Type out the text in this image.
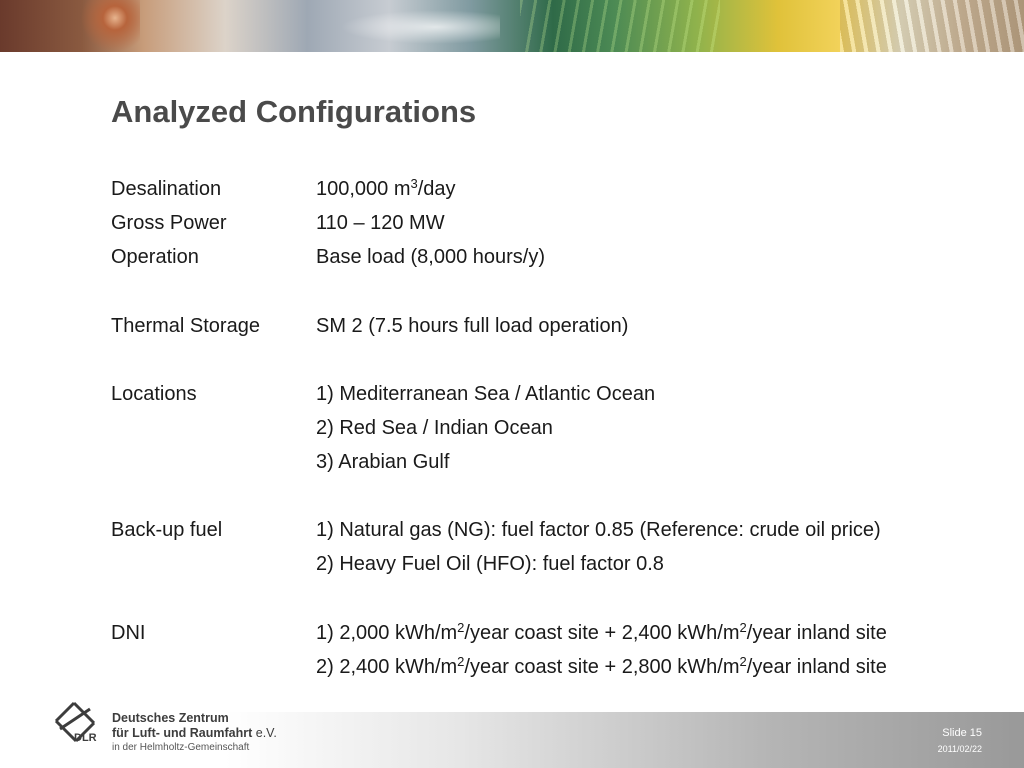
Analyzed Configurations
Desalination	100,000 $m^3$/day
Gross Power	110 – 120 MW
Operation	Base load (8,000 hours/y)
Thermal Storage	SM 2 (7.5 hours full load operation)
Locations	1) Mediterranean Sea / Atlantic Ocean
2) Red Sea / Indian Ocean
3) Arabian Gulf
Back-up fuel	1) Natural gas (NG): fuel factor 0.85 (Reference: crude oil price)
2) Heavy Fuel Oil (HFO): fuel factor 0.8
DNI	1) 2,000 kWh/$m^2$/year coast site + 2,400 kWh/$m^2$/year inland site
2) 2,400 kWh/$m^2$/year coast site + 2,800 kWh/$m^2$/year inland site
DLR
Deutsches Zentrum
für Luft- und Raumfahrt e.V.
in der Helmholtz-Gemeinschaft
Slide 15
2011/02/22
